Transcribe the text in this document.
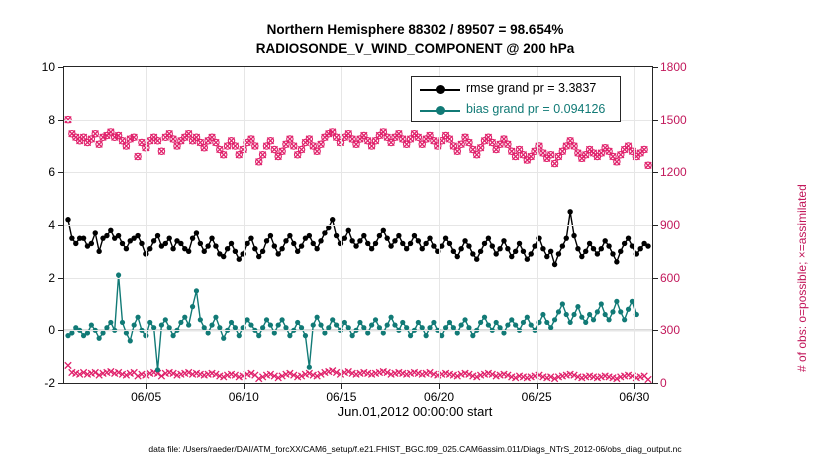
Northern Hemisphere 88302 / 89507 = 98.654%
RADIOSONDE_V_WIND_COMPONENT @ 200 hPa
-2
0
2
4
6
8
10
0
300
600
900
1200
1500
1800
06/05	06/10	06/15	06/20	06/25	06/30
# of obs: o=possible; ×=assimilated
Jun.01,2012 00:00:00 start
data file: /Users/raeder/DAI/ATM_forcXX/CAM6_setup/f.e21.FHIST_BGC.f09_025.CAM6assim.011/Diags_NTrS_2012-06/obs_diag_output.nc
rmse grand pr = 3.3837
bias grand pr = 0.094126
